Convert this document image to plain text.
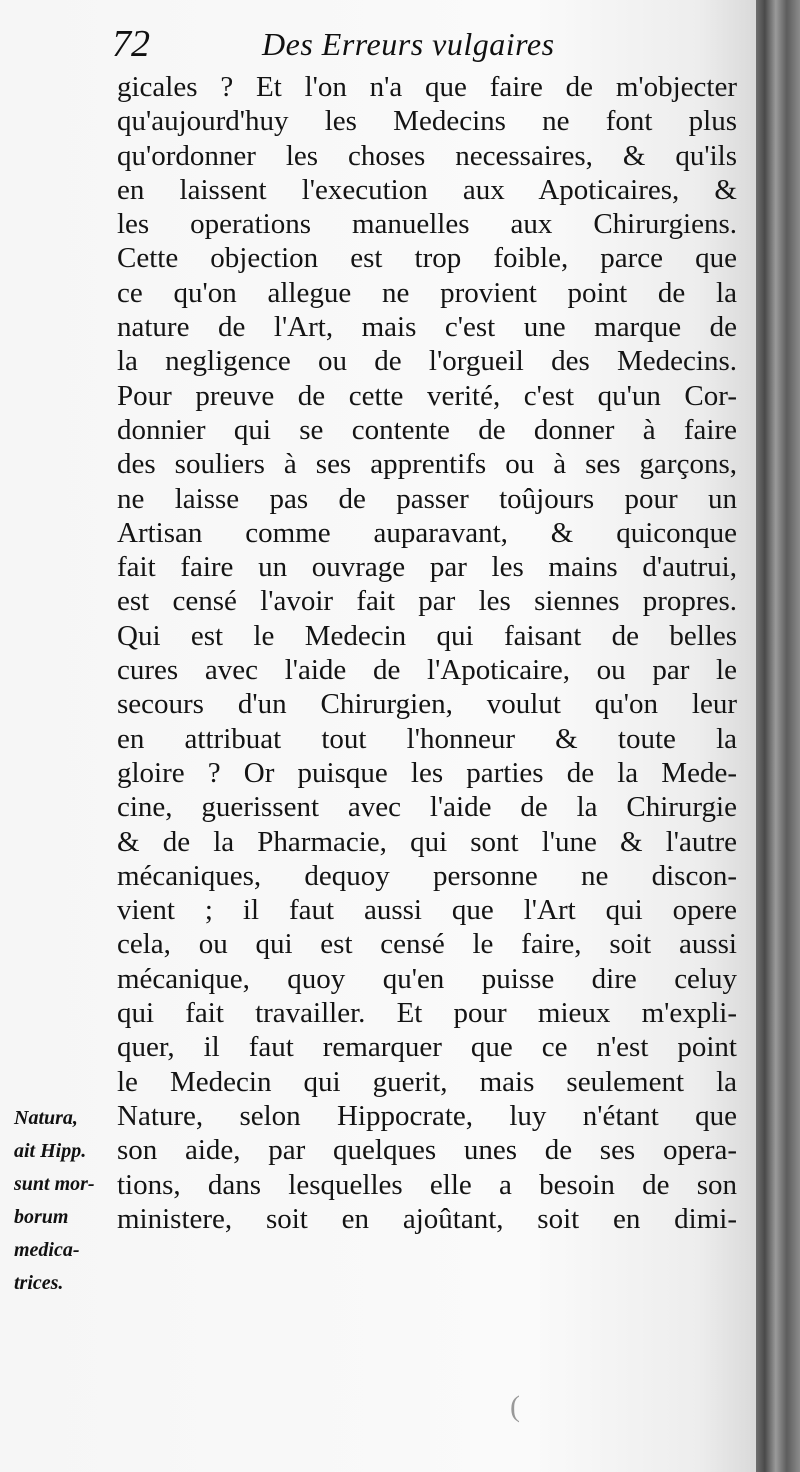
72	Des Erreurs vulgaires
gicales ? Et l'on n'a que faire de m'objecter
qu'aujourd'huy les Medecins ne font plus
qu'ordonner les choses necessaires, & qu'ils
en laissent l'execution aux Apoticaires, &
les operations manuelles aux Chirurgiens.
Cette objection est trop foible, parce que
ce qu'on allegue ne provient point de la
nature de l'Art, mais c'est une marque de
la negligence ou de l'orgueil des Medecins.
Pour preuve de cette verité, c'est qu'un Cor-
donnier qui se contente de donner à faire
des souliers à ses apprentifs ou à ses garçons,
ne laisse pas de passer toûjours pour un
Artisan comme auparavant, & quiconque
fait faire un ouvrage par les mains d'autrui,
est censé l'avoir fait par les siennes propres.
Qui est le Medecin qui faisant de belles
cures avec l'aide de l'Apoticaire, ou par le
secours d'un Chirurgien, voulut qu'on leur
en attribuat tout l'honneur & toute la
gloire ? Or puisque les parties de la Mede-
cine, guerissent avec l'aide de la Chirurgie
& de la Pharmacie, qui sont l'une & l'autre
mécaniques, dequoy personne ne discon-
vient ; il faut aussi que l'Art qui opere
cela, ou qui est censé le faire, soit aussi
mécanique, quoy qu'en puisse dire celuy
qui fait travailler. Et pour mieux m'expli-
quer, il faut remarquer que ce n'est point
le Medecin qui guerit, mais seulement la
Nature, selon Hippocrate, luy n'étant que
son aide, par quelques unes de ses opera-
tions, dans lesquelles elle a besoin de son
ministere, soit en ajoûtant, soit en dimi-
Natura,
ait Hipp.
sunt mor-
borum
medica-
trices.
(
